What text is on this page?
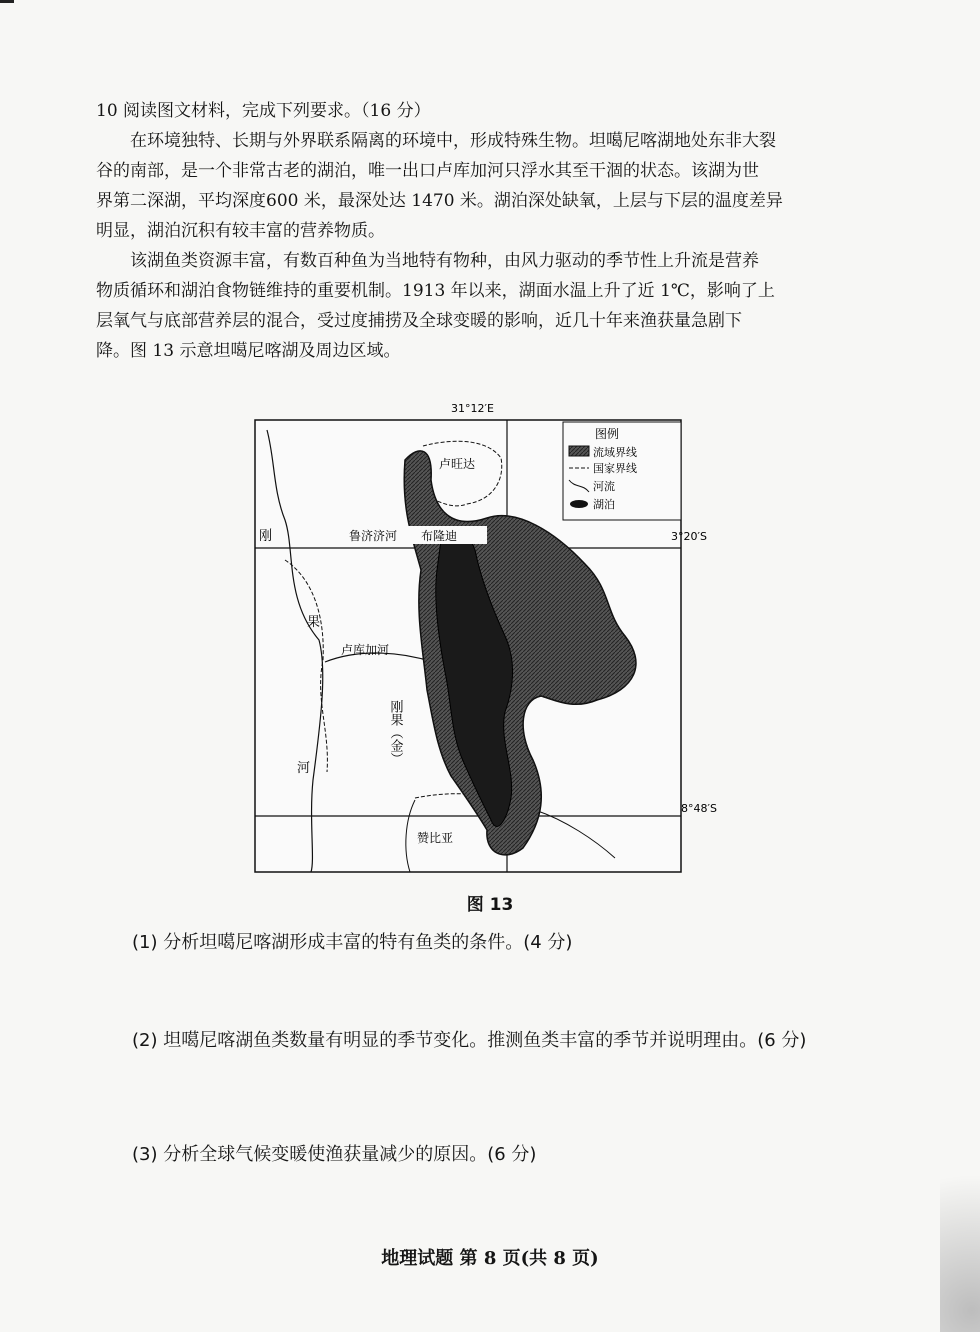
10 阅读图文材料，完成下列要求。（16 分）

在环境独特、长期与外界联系隔离的环境中，形成特殊生物。坦噶尼喀湖地处东非大裂

谷的南部，是一个非常古老的湖泊，唯一出口卢库加河只浮水其至干涸的状态。该湖为世

界第二深湖，平均深度600 米，最深处达 1470 米。湖泊深处缺氧，上层与下层的温度差异

明显，湖泊沉积有较丰富的营养物质。

该湖鱼类资源丰富，有数百种鱼为当地特有物种，由风力驱动的季节性上升流是营养

物质循环和湖泊食物链维持的重要机制。1913 年以来，湖面水温上升了近 1℃，影响了上

层氧气与底部营养层的混合，受过度捕捞及全球变暖的影响，近几十年来渔获量急剧下

降。图 13 示意坦噶尼喀湖及周边区域。

31°12′E
3°20′S
8°48′S
卢旺达
鲁济济河 布隆迪
刚
果
河
卢库加河
刚果（金）
赞比亚
图例
流域界线
国家界线
河流
湖泊
图 13
(1) 分析坦噶尼喀湖形成丰富的特有鱼类的条件。(4 分)
(2) 坦噶尼喀湖鱼类数量有明显的季节变化。推测鱼类丰富的季节并说明理由。(6 分)
(3) 分析全球气候变暖使渔获量减少的原因。(6 分)
地理试题 第 8 页(共 8 页)
